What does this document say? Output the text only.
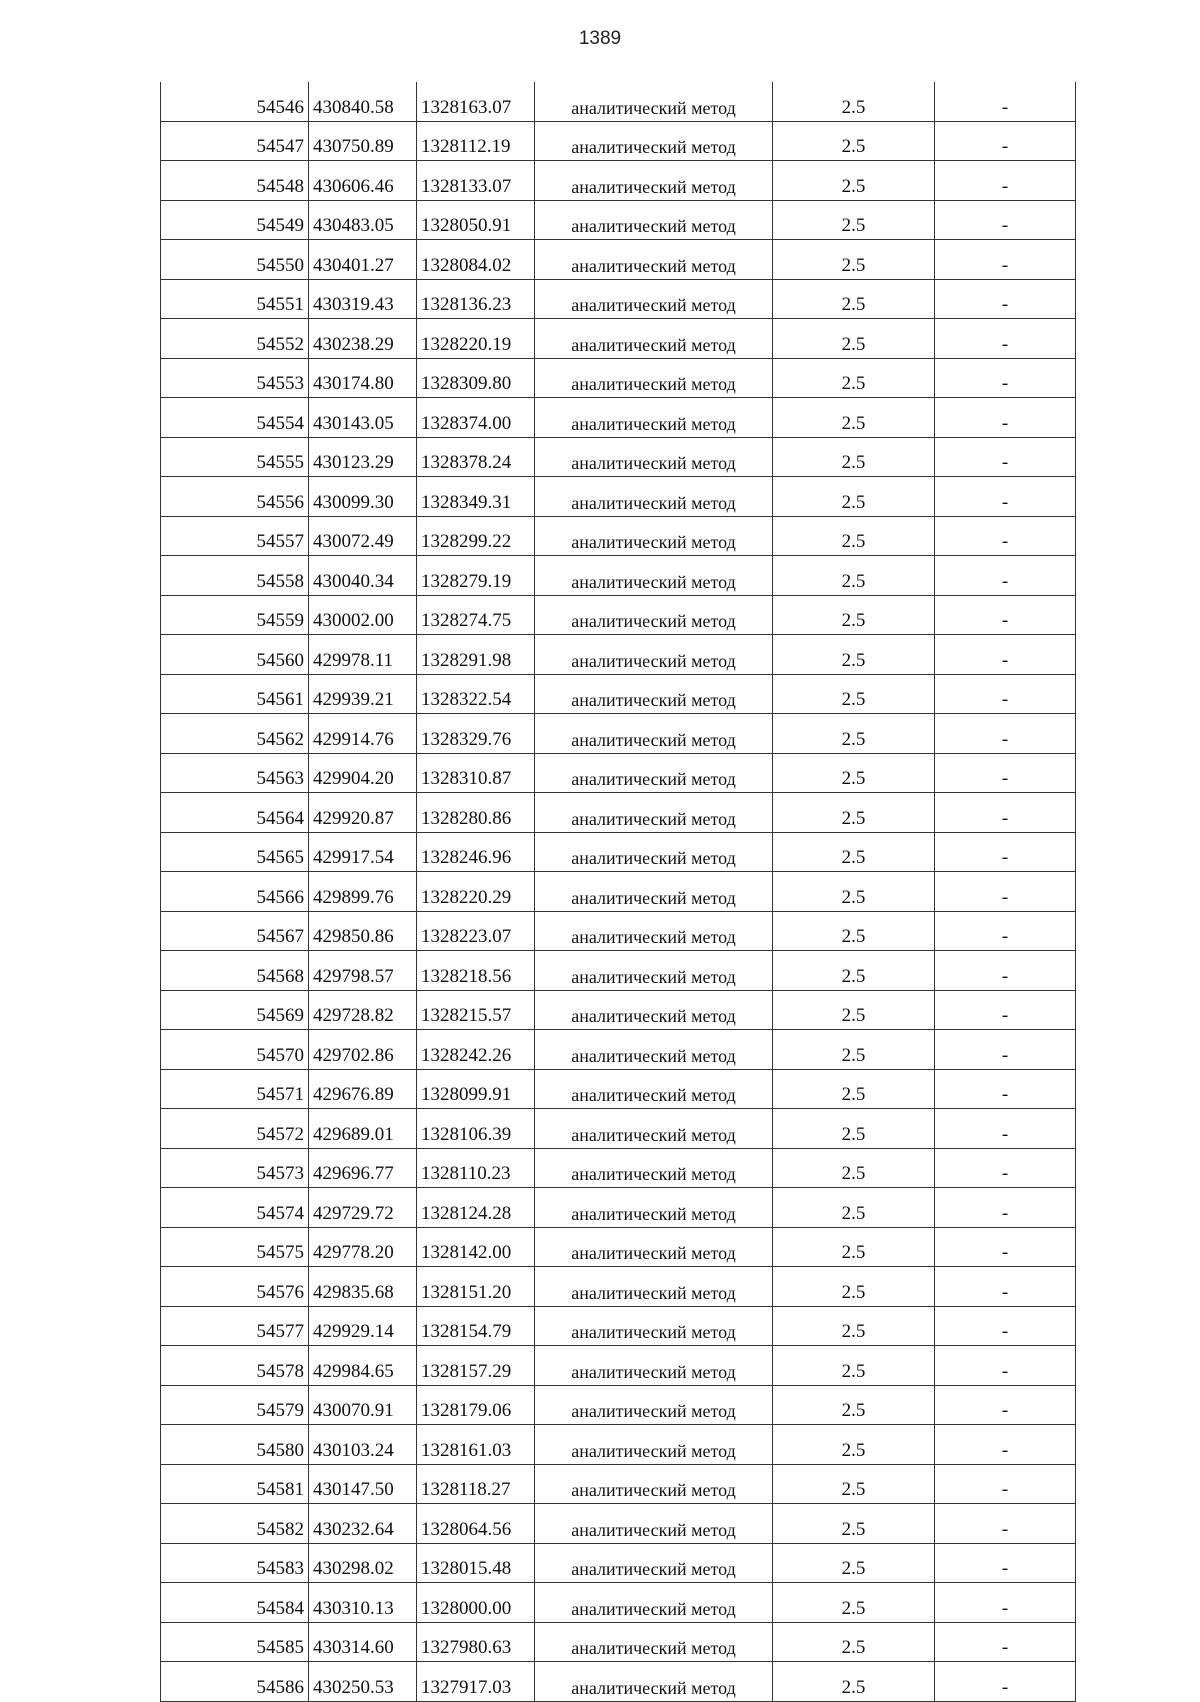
1389
54546	430840.58	1328163.07	аналитический метод	2.5	-
54547	430750.89	1328112.19	аналитический метод	2.5	-
54548	430606.46	1328133.07	аналитический метод	2.5	-
54549	430483.05	1328050.91	аналитический метод	2.5	-
54550	430401.27	1328084.02	аналитический метод	2.5	-
54551	430319.43	1328136.23	аналитический метод	2.5	-
54552	430238.29	1328220.19	аналитический метод	2.5	-
54553	430174.80	1328309.80	аналитический метод	2.5	-
54554	430143.05	1328374.00	аналитический метод	2.5	-
54555	430123.29	1328378.24	аналитический метод	2.5	-
54556	430099.30	1328349.31	аналитический метод	2.5	-
54557	430072.49	1328299.22	аналитический метод	2.5	-
54558	430040.34	1328279.19	аналитический метод	2.5	-
54559	430002.00	1328274.75	аналитический метод	2.5	-
54560	429978.11	1328291.98	аналитический метод	2.5	-
54561	429939.21	1328322.54	аналитический метод	2.5	-
54562	429914.76	1328329.76	аналитический метод	2.5	-
54563	429904.20	1328310.87	аналитический метод	2.5	-
54564	429920.87	1328280.86	аналитический метод	2.5	-
54565	429917.54	1328246.96	аналитический метод	2.5	-
54566	429899.76	1328220.29	аналитический метод	2.5	-
54567	429850.86	1328223.07	аналитический метод	2.5	-
54568	429798.57	1328218.56	аналитический метод	2.5	-
54569	429728.82	1328215.57	аналитический метод	2.5	-
54570	429702.86	1328242.26	аналитический метод	2.5	-
54571	429676.89	1328099.91	аналитический метод	2.5	-
54572	429689.01	1328106.39	аналитический метод	2.5	-
54573	429696.77	1328110.23	аналитический метод	2.5	-
54574	429729.72	1328124.28	аналитический метод	2.5	-
54575	429778.20	1328142.00	аналитический метод	2.5	-
54576	429835.68	1328151.20	аналитический метод	2.5	-
54577	429929.14	1328154.79	аналитический метод	2.5	-
54578	429984.65	1328157.29	аналитический метод	2.5	-
54579	430070.91	1328179.06	аналитический метод	2.5	-
54580	430103.24	1328161.03	аналитический метод	2.5	-
54581	430147.50	1328118.27	аналитический метод	2.5	-
54582	430232.64	1328064.56	аналитический метод	2.5	-
54583	430298.02	1328015.48	аналитический метод	2.5	-
54584	430310.13	1328000.00	аналитический метод	2.5	-
54585	430314.60	1327980.63	аналитический метод	2.5	-
54586	430250.53	1327917.03	аналитический метод	2.5	-
